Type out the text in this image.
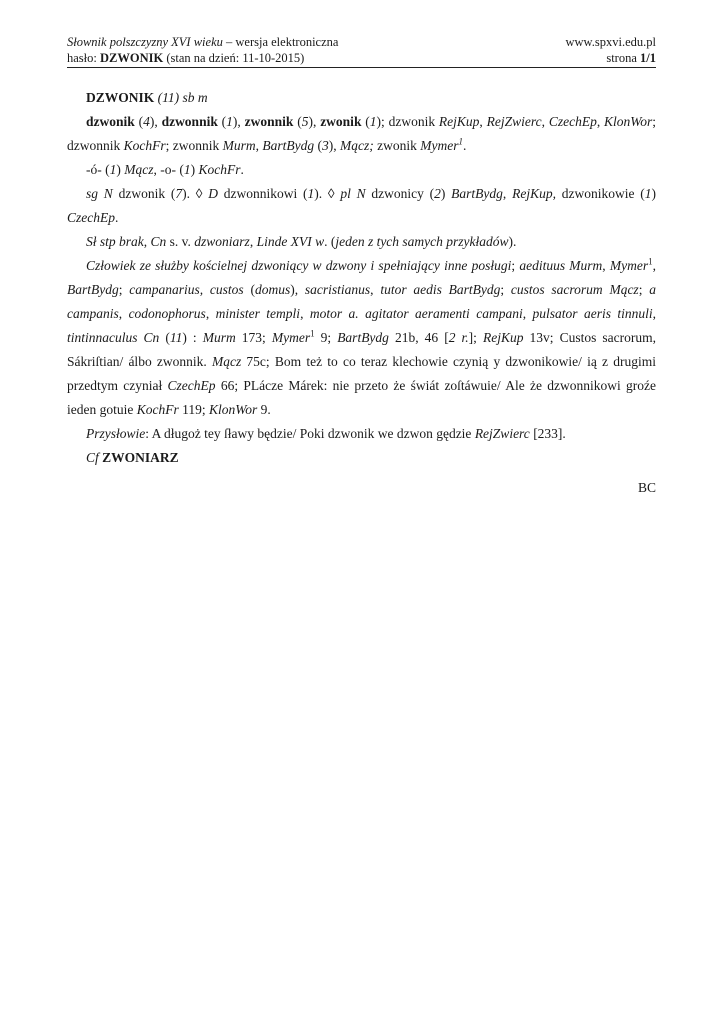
Słownik polszczyzny XVI wieku – wersja elektroniczna	www.spxvi.edu.pl
hasło: DZWONIK (stan na dzień: 11-10-2015)	strona 1/1

DZWONIK (11) sb m

dzwonik (4), dzwonnik (1), zwonnik (5), zwonik (1); dzwonik RejKup, RejZwierc, CzechEp, KlonWor; dzwonnik KochFr; zwonnik Murm, BartBydg (3), Mącz; zwonik Mymer$^1$.

-ó- (1) Mącz, -o- (1) KochFr.

sg N dzwonik (7). ◊ D dzwonnikowi (1). ◊ pl N dzwonicy (2) BartBydg, RejKup, dzwonikowie (1) CzechEp.

Sł stp brak, Cn s. v. dzwoniarz, Linde XVI w. (jeden z tych samych przykładów).

Człowiek ze służby kościelnej dzwoniący w dzwony i spełniający inne posługi; aedituus Murm, Mymer$^1$, BartBydg; campanarius, custos (domus), sacristianus, tutor aedis BartBydg; custos sacrorum Mącz; a campanis, codonophorus, minister templi, motor a. agitator aeramenti campani, pulsator aeris tinnuli, tintinnaculus Cn (11) : Murm 173; Mymer$^1$ 9; BartBydg 21b, 46 [2 r.]; RejKup 13v; Custos sacrorum, Sákriſtian/ álbo zwonnik. Mącz 75c; Bom też to co teraz klechowie czynią y dzwonikowie/ ią z drugimi przedtym czyniał CzechEp 66; PLácze Márek: nie przeto że świát zoſtáwuie/ Ale że dzwonnikowi groźe ieden gotuie KochFr 119; KlonWor 9.

Przysłowie: A długoż tey ſławy będzie/ Poki dzwonik we dzwon gędzie RejZwierc [233].

Cf ZWONIARZ

BC
